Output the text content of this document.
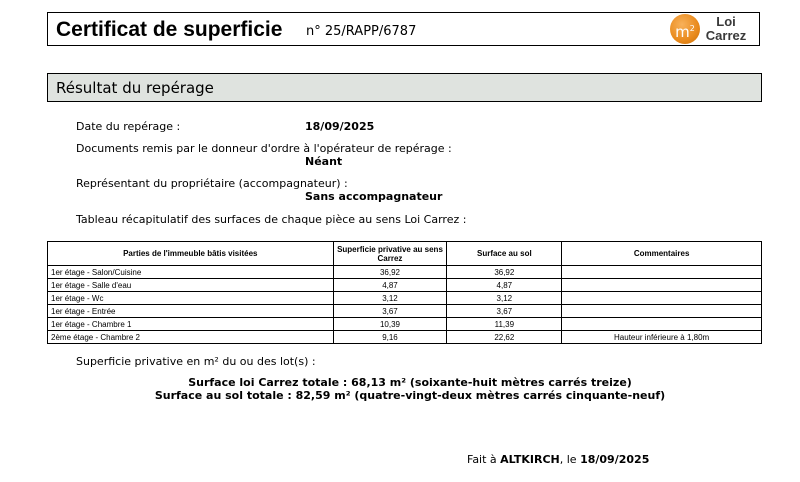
Certificat de superficie n° 25/RAPP/6787	$m^2$	Loi
Carrez
Résultat du repérage
Date du repérage :	18/09/2025
Documents remis par le donneur d'ordre à l'opérateur de repérage :
Néant
Représentant du propriétaire (accompagnateur) :
Sans accompagnateur
Tableau récapitulatif des surfaces de chaque pièce au sens Loi Carrez :
Parties de l'immeuble bâtis visitées	Superficie privative au sens Carrez	Surface au sol	Commentaires
1er étage - Salon/Cuisine	36,92	36,92	
1er étage - Salle d'eau	4,87	4,87	
1er étage - Wc	3,12	3,12	
1er étage - Entrée	3,67	3,67	
1er étage - Chambre 1	10,39	11,39	
2ème étage - Chambre 2	9,16	22,62	Hauteur inférieure à 1,80m
Superficie privative en m² du ou des lot(s) :
Surface loi Carrez totale : 68,13 m² (soixante-huit mètres carrés treize)
Surface au sol totale : 82,59 m² (quatre-vingt-deux mètres carrés cinquante-neuf)
Fait à ALTKIRCH, le 18/09/2025
